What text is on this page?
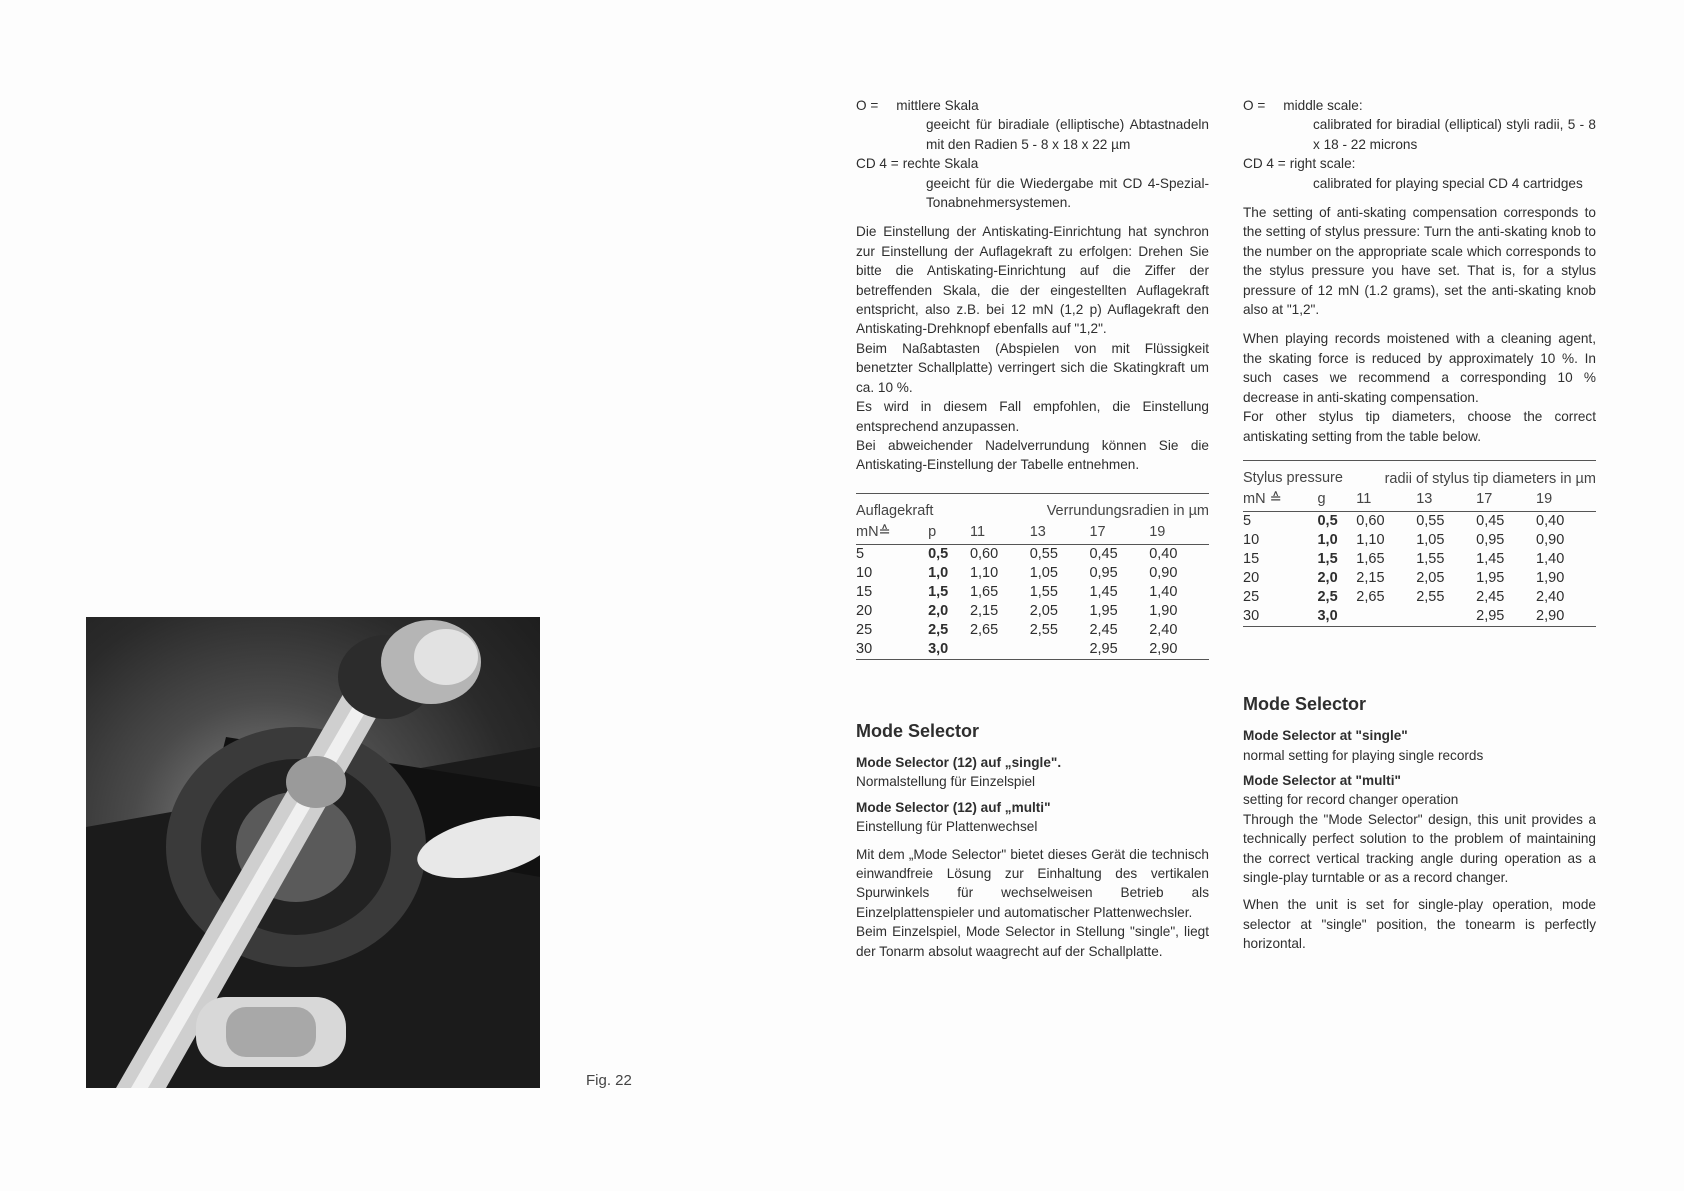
Fig. 22
O = mittlere Skala

geeicht für biradiale (elliptische) Abtastnadeln mit den Radien 5 - 8 x 18 x 22 µm

CD 4 = rechte Skala

geeicht für die Wiedergabe mit CD 4-Spezial-Tonabnehmersystemen.

Die Einstellung der Antiskating-Einrichtung hat synchron zur Einstellung der Auflagekraft zu erfolgen: Drehen Sie bitte die Antiskating-Einrichtung auf die Ziffer der betreffenden Skala, die der eingestellten Auflagekraft entspricht, also z.B. bei 12 mN (1,2 p) Auflagekraft den Antiskating-Drehknopf ebenfalls auf "1,2".

Beim Naßabtasten (Abspielen von mit Flüssigkeit benetzter Schallplatte) verringert sich die Skatingkraft um ca. 10 %.

Es wird in diesem Fall empfohlen, die Einstellung entsprechend anzupassen.

Bei abweichender Nadelverrundung können Sie die Antiskating-Einstellung der Tabelle entnehmen.

Auflagekraft		Verrundungsradien in µm			
mN≙	p	11	13	17	19
5	0,5	0,60	0,55	0,45	0,40
10	1,0	1,10	1,05	0,95	0,90
15	1,5	1,65	1,55	1,45	1,40
20	2,0	2,15	2,05	1,95	1,90
25	2,5	2,65	2,55	2,45	2,40
30	3,0			2,95	2,90

Mode Selector

Mode Selector (12) auf „single".

Normalstellung für Einzelspiel

Mode Selector (12) auf „multi"

Einstellung für Plattenwechsel

Mit dem „Mode Selector" bietet dieses Gerät die technisch einwandfreie Lösung zur Einhaltung des vertikalen Spurwinkels für wechselweisen Betrieb als Einzelplattenspieler und automatischer Plattenwechsler.

Beim Einzelspiel, Mode Selector in Stellung "single", liegt der Tonarm absolut waagrecht auf der Schallplatte.

O = middle scale:

calibrated for biradial (elliptical) styli radii, 5 - 8 x 18 - 22 microns

CD 4 = right scale:

calibrated for playing special CD 4 cartridges

The setting of anti-skating compensation corresponds to the setting of stylus pressure: Turn the anti-skating knob to the number on the appropriate scale which corresponds to the stylus pressure you have set. That is, for a stylus pressure of 12 mN (1.2 grams), set the anti-skating knob also at "1,2".

When playing records moistened with a cleaning agent, the skating force is reduced by approximately 10 %. In such cases we recommend a corresponding 10 % decrease in anti-skating compensation.

For other stylus tip diameters, choose the correct antiskating setting from the table below.

Stylus pressure		radii of stylus tip diameters in µm			
mN ≙	g	11	13	17	19
5	0,5	0,60	0,55	0,45	0,40
10	1,0	1,10	1,05	0,95	0,90
15	1,5	1,65	1,55	1,45	1,40
20	2,0	2,15	2,05	1,95	1,90
25	2,5	2,65	2,55	2,45	2,40
30	3,0			2,95	2,90

Mode Selector

Mode Selector at "single"

normal setting for playing single records

Mode Selector at "multi"

setting for record changer operation

Through the "Mode Selector" design, this unit provides a technically perfect solution to the problem of maintaining the correct vertical tracking angle during operation as a single-play turntable or as a record changer.

When the unit is set for single-play operation, mode selector at "single" position, the tonearm is perfectly horizontal.
